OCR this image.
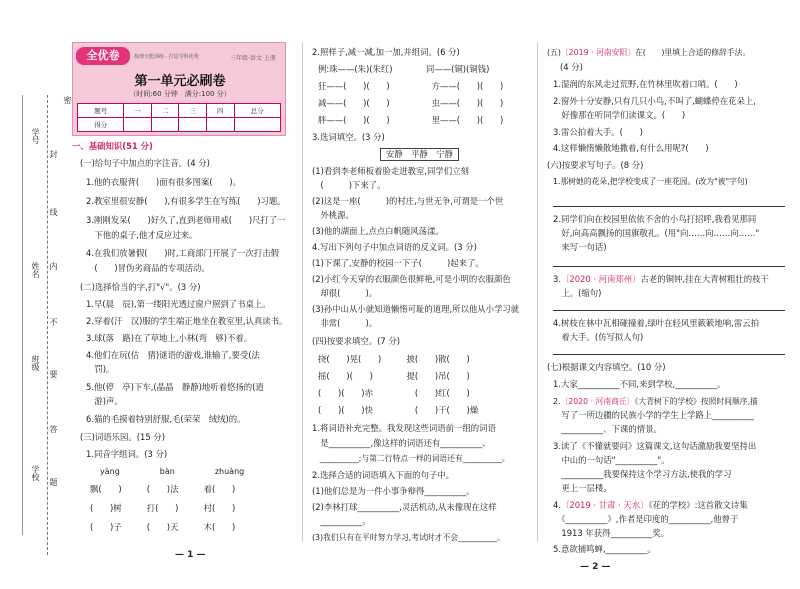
学号
封
线
姓名 内
不
班级
要
答
学校
题
密
全优卷	梳理全能训练 · 打造学科优秀	三年级·语文·上册
第一单元必刷卷
（时间:60 分钟　满分:100 分）
题号	一	二	三	四	总分
得分					
一、基础知识(51 分)
(一)给句子中加点的字注音。(4 分)
1.他的衣服背(　　)面有很多图案(　　)。
2.教室里很安静(　　),有很多学生在写练(　　)习题。
3.刚刚发呆(　　)好久了,直到老师用戒(　　)尺打了一
　下他的桌子,他才反应过来。
4.在我们放暑假(　　)时,工商部门开展了一次打击假
　(　　)冒伪劣商品的专项活动。
(二)选择恰当的字,打"√"。(3 分)
1.早(晨　辰),第一缕阳光透过窗户照到了书桌上。
2.穿着(汗　汉)服的学生端正地坐在教室里,认真读书。
3.球(落　路)在了草地上,小林(弯　够)不着。
4.他们在玩(估　猜)谜语的游戏,谁输了,要受(法
　罚)。
5.他(停　亭)下车,(晶晶　静静)地听着悠扬的(逍
　游)声。
6.猫的毛摸着特别舒服,毛(荣荣　绒绒)的。
(三)词语乐园。(15 分)
1.同音字组词。(3 分)
yàng　　　　　bàn　　　　　zhuàng
飘(　　)　　　(　　)法　　　着(　　)
(　　)树　　　打(　　)　　　村(　　)
(　　)子　　　(　　)天　　　木(　　)
— 1 —
2.照样子,减一减,加一加,并组词。(6 分)
例:珠——(朱)(朱红)　　　　同——(铜)(铜钱)
狂——(　　)(　　)　　　　　方——(　　)(　　)
减——(　　)(　　)　　　　　虫——(　　)(　　)
胖——(　　)(　　)　　　　　里——(　　)(　　)
3.选词填空。(3 分)
安静　平静　宁静
(1)看到李老师板着脸走进教室,同学们立刻
　(　　　)下来了。
(2)这是一座(　　　)的村庄,与世无争,可谓是一个世
　外桃源。
(3)他的湖面上,点点白帆随风荡漾。
4.写出下列句子中加点词语的反义词。(3 分)
(1)下课了,安静的校园一下子(　　　)起来了。
(2)小红今天穿的衣服颜色很鲜艳,可是小明的衣服颜色
　却很(　　　)。
(3)孙中山从小就知道懒惰可耻的道理,所以他从小学习就
　非常(　　　)。
(四)按要求填空。(7 分)
挠(　　)晃(　　)　　　披(　　)散(　　)
摇(　　)(　　)　　　　提(　　)吊(　　)
(　　)(　　)赤　　　　　(　　)红(　　)
(　　)(　　)快　　　　　(　　)干(　　)燥
1.将词语补充完整。我发现这些词语前一组的词语
　是__________,像这样的词语还有__________、
　__________;与第二行特点一样的词语还有__________。
2.选择合适的词语填入下面的句子中。
(1)他们总是为一件小事争辩得__________。
(2)李林打球__________,灵活机动,从未像现在这样
　__________。
(3)我们只有在平时努力学习,考试时才不会__________。
(五)〔2019 · 河南安阳〕在(　　)里填上合适的修辞手法。
(4 分)
1.湿润的东风走过荒野,在竹林里吹着口哨。(　　)
2.窗外十分安静,只有几只小鸟,不叫了,蝴蝶停在花朵上,
　好像那在听同学们读课文。(　　)
3.雷公拍着大手。(　　)
4.这样懒惰懒散地撒着,有什么用呢?(　　)
(六)按要求写句子。(8 分)
1.那树她的花朵,把学校变成了一座花园。(改为"被"字句)
2.同学们向在校园里依依不舍的小鸟打招呼,我看见那同
　好,向高高飘扬的国旗敬礼。(用"向……向……向……"
　来写一句话)
3.〔2020 · 河南郑州〕古老的铜钟,挂在大青树粗壮的枝干
　上。(缩句)
4.树枝在林中瓦相碰撞着,绿叶在轻风里簌簌地响,雷云拍
　着大手。(仿写拟人句)
(七)根据课文内容填空。(10 分)
1.大家__________不同,来到学校,__________。
2.〔2020 · 河南商丘〕《大青树下的学校》按照时间顺序,描
　写了一所边疆的民族小学的学生上学路上__________
　__________、下课的情景。
3.读了《不懂就要问》这篇课文,这句话激励我要坚持出
　中山的一句话"__________"。
　__________我要保持这个学习方法,使我的学习
　更上一层楼。
4.〔2019 · 甘肃 · 天水〕《花的学校》:这首散文诗集
　《__________》,作者是印度的__________,他曾于
　1913 年获得__________奖。
5.意欲捕鸣蝉,__________。
— 2 —
